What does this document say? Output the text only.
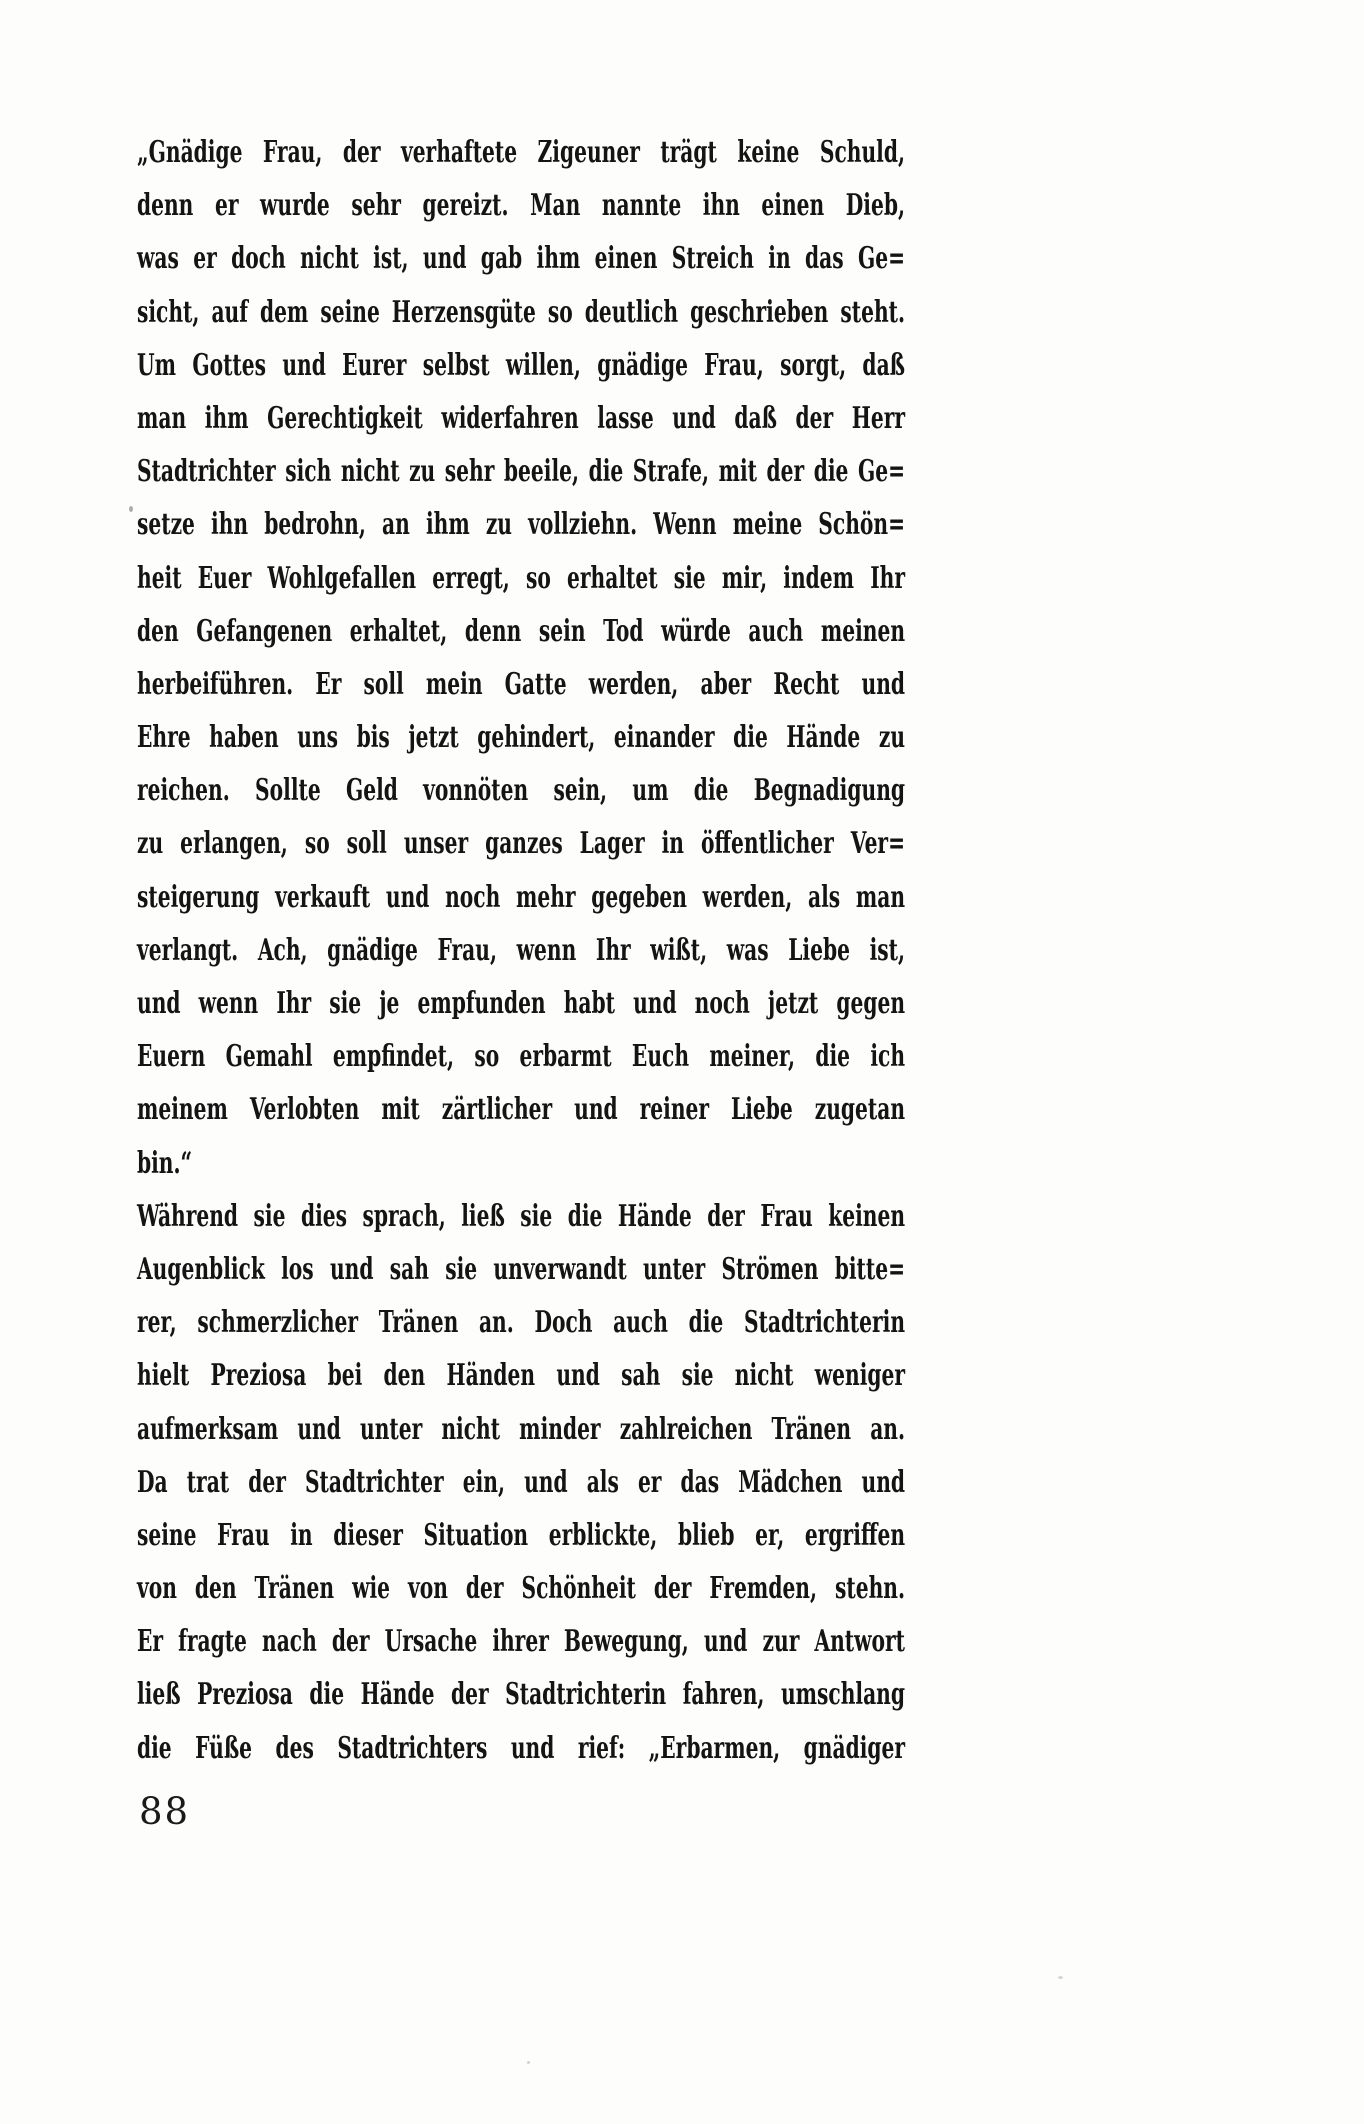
„Gnädige Frau, der verhaftete Zigeuner trägt keine Schuld,
denn er wurde sehr gereizt. Man nannte ihn einen Dieb,
was er doch nicht ist, und gab ihm einen Streich in das Ge=
sicht, auf dem seine Herzensgüte so deutlich geschrieben steht.
Um Gottes und Eurer selbst willen, gnädige Frau, sorgt, daß
man ihm Gerechtigkeit widerfahren lasse und daß der Herr
Stadtrichter sich nicht zu sehr beeile, die Strafe, mit der die Ge=
setze ihn bedrohn, an ihm zu vollziehn. Wenn meine Schön=
heit Euer Wohlgefallen erregt, so erhaltet sie mir, indem Ihr
den Gefangenen erhaltet, denn sein Tod würde auch meinen
herbeiführen. Er soll mein Gatte werden, aber Recht und
Ehre haben uns bis jetzt gehindert, einander die Hände zu
reichen. Sollte Geld vonnöten sein, um die Begnadigung
zu erlangen, so soll unser ganzes Lager in öffentlicher Ver=
steigerung verkauft und noch mehr gegeben werden, als man
verlangt. Ach, gnädige Frau, wenn Ihr wißt, was Liebe ist,
und wenn Ihr sie je empfunden habt und noch jetzt gegen
Euern Gemahl empfindet, so erbarmt Euch meiner, die ich
meinem Verlobten mit zärtlicher und reiner Liebe zugetan
bin.“
Während sie dies sprach, ließ sie die Hände der Frau keinen
Augenblick los und sah sie unverwandt unter Strömen bitte=
rer, schmerzlicher Tränen an. Doch auch die Stadtrichterin
hielt Preziosa bei den Händen und sah sie nicht weniger
aufmerksam und unter nicht minder zahlreichen Tränen an.
Da trat der Stadtrichter ein, und als er das Mädchen und
seine Frau in dieser Situation erblickte, blieb er, ergriffen
von den Tränen wie von der Schönheit der Fremden, stehn.
Er fragte nach der Ursache ihrer Bewegung, und zur Antwort
ließ Preziosa die Hände der Stadtrichterin fahren, umschlang
die Füße des Stadtrichters und rief: „Erbarmen, gnädiger
88
